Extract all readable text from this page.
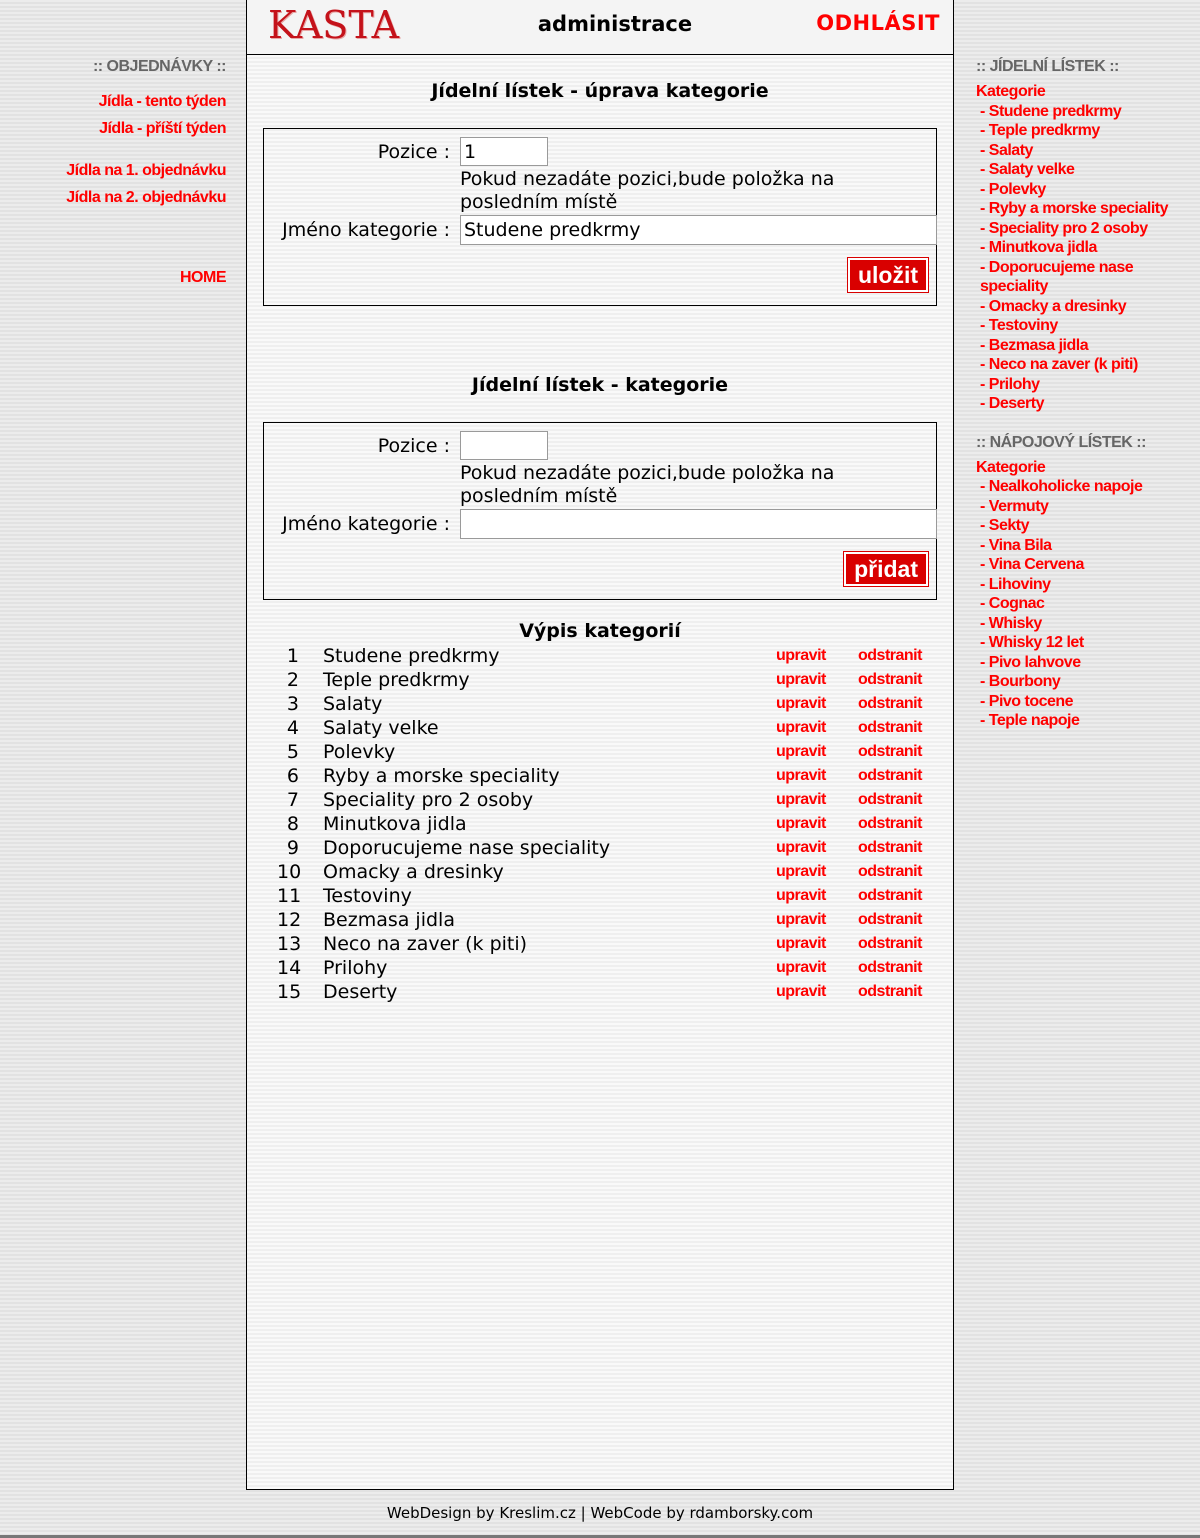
:: OBJEDNÁVKY ::
Jídla - tento týden
Jídla - příští týden
Jídla na 1. objednávku
Jídla na 2. objednávku
HOME
KASTA	administrace	ODHLÁSIT
Jídelní lístek - úprava kategorie
Pozice :
1
Pokud nezadáte pozici,bude položka na posledním místě
Jméno kategorie :
Studene predkrmy
uložit
Jídelní lístek - kategorie
Pozice :
Pokud nezadáte pozici,bude položka na posledním místě
Jméno kategorie :
přidat
Výpis kategorií
1 Studene predkrmy	upravit odstranit
2 Teple predkrmy	upravit odstranit
3 Salaty	upravit odstranit
4 Salaty velke	upravit odstranit
5 Polevky	upravit odstranit
6 Ryby a morske speciality	upravit odstranit
7 Speciality pro 2 osoby	upravit odstranit
8 Minutkova jidla	upravit odstranit
9 Doporucujeme nase speciality	upravit odstranit
10 Omacky a dresinky	upravit odstranit
11 Testoviny	upravit odstranit
12 Bezmasa jidla	upravit odstranit
13 Neco na zaver (k piti)	upravit odstranit
14 Prilohy	upravit odstranit
15 Deserty	upravit odstranit
:: JÍDELNÍ LÍSTEK ::
Kategorie
- Studene predkrmy
- Teple predkrmy
- Salaty
- Salaty velke
- Polevky
- Ryby a morske speciality
- Speciality pro 2 osoby
- Minutkova jidla
- Doporucujeme nase speciality
- Omacky a dresinky
- Testoviny
- Bezmasa jidla
- Neco na zaver (k piti)
- Prilohy
- Deserty
:: NÁPOJOVÝ LÍSTEK ::
Kategorie
- Nealkoholicke napoje
- Vermuty
- Sekty
- Vina Bila
- Vina Cervena
- Lihoviny
- Cognac
- Whisky
- Whisky 12 let
- Pivo lahvove
- Bourbony
- Pivo tocene
- Teple napoje
WebDesign by Kreslim.cz | WebCode by rdamborsky.com
